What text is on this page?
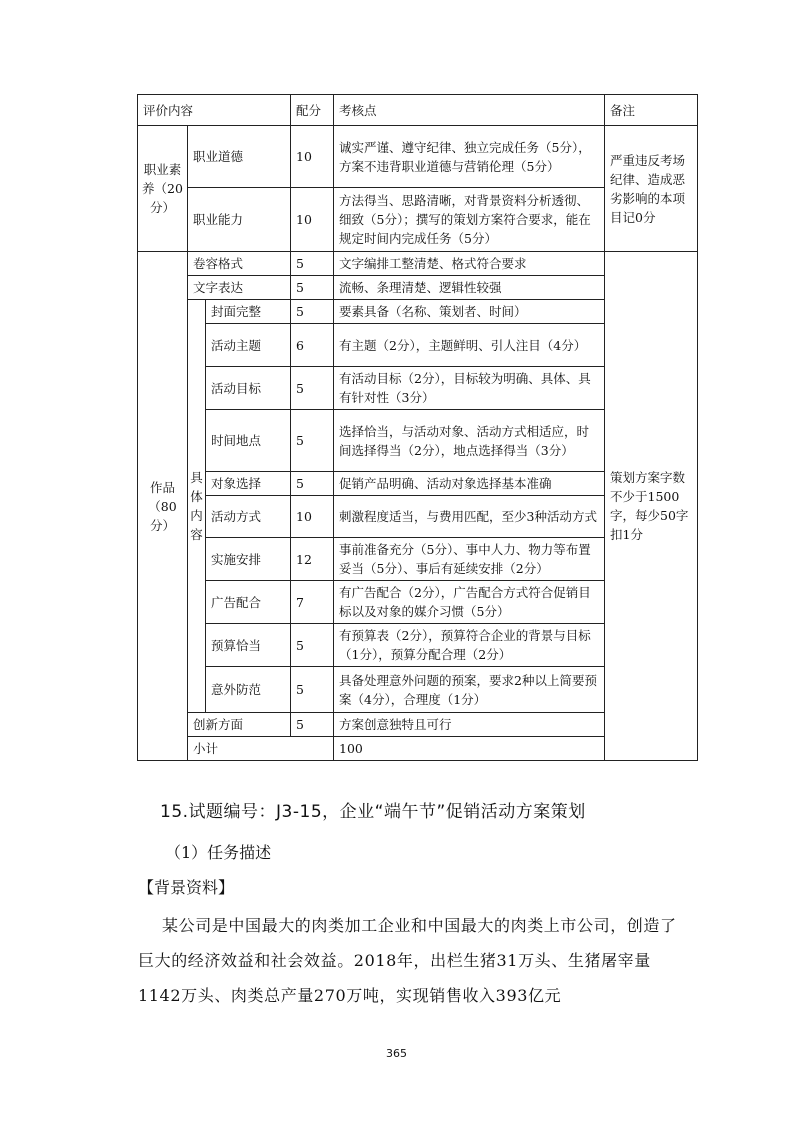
评价内容			配分	考核点	备注	
职业素养（20分）	职业道德		10	诚实严谨、遵守纪律、独立完成任务（5分），方案不违背职业道德与营销伦理（5分）	严重违反考场纪律、造成恶劣影响的本项目记0分	
	职业能力		10	方法得当、思路清晰，对背景资料分析透彻、细致（5分）；撰写的策划方案符合要求，能在规定时间内完成任务（5分）		
作品（80分）	卷容格式		5	文字编排工整清楚、格式符合要求	策划方案字数不少于1500字，每少50字扣1分	
	文字表达		5	流畅、条理清楚、逻辑性较强		
	具体内容	封面完整	5	要素具备（名称、策划者、时间）		
		活动主题	6	有主题（2分），主题鲜明、引人注目（4分）		
		活动目标	5	有活动目标（2分），目标较为明确、具体、具有针对性（3分）		
		时间地点	5	选择恰当，与活动对象、活动方式相适应，时间选择得当（2分），地点选择得当（3分）		
		对象选择	5	促销产品明确、活动对象选择基本准确		
		活动方式	10	刺激程度适当，与费用匹配，至少3种活动方式		
		实施安排	12	事前准备充分（5分）、事中人力、物力等布置妥当（5分）、事后有延续安排（2分）		
		广告配合	7	有广告配合（2分），广告配合方式符合促销目标以及对象的媒介习惯（5分）		
		预算恰当	5	有预算表（2分），预算符合企业的背景与目标（1分），预算分配合理（2分）		
		意外防范	5	具备处理意外问题的预案，要求2种以上简要预案（4分），合理度（1分）		
	创新方面		5	方案创意独特且可行		
	小计			100		
15.试题编号：J3-15，企业“端午节”促销活动方案策划
（1）任务描述
【背景资料】
某公司是中国最大的肉类加工企业和中国最大的肉类上市公司，创造了巨大的经济效益和社会效益。2018年，出栏生猪31万头、生猪屠宰量1142万头、肉类总产量270万吨，实现销售收入393亿元
365
